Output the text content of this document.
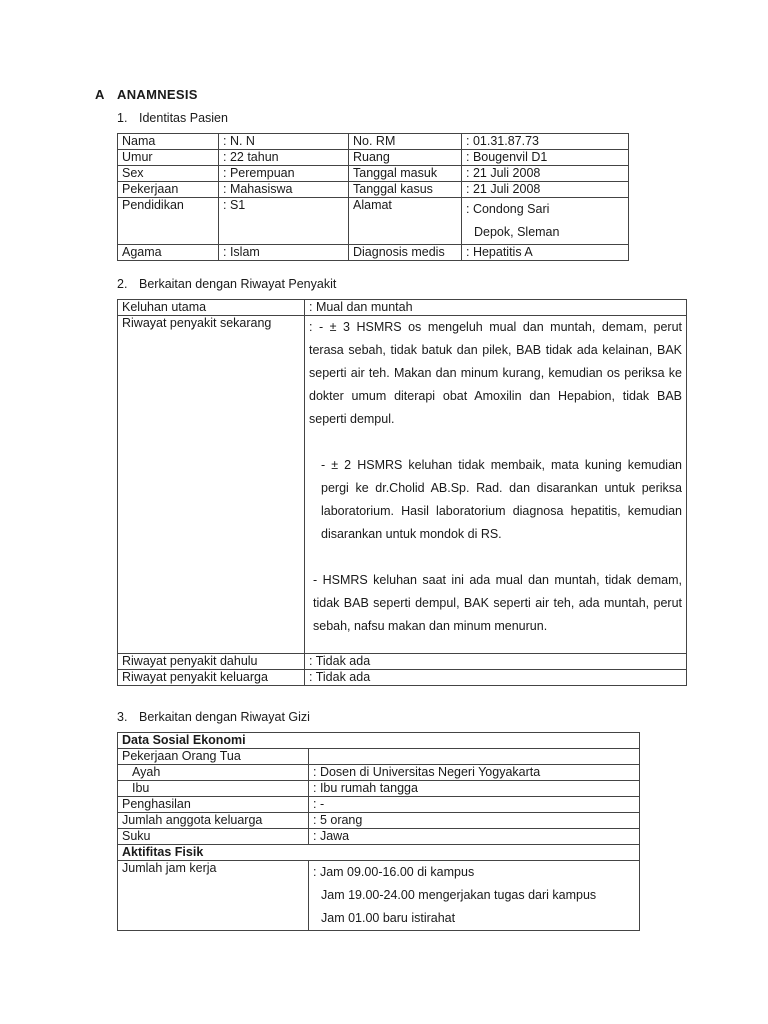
A ANAMNESIS
1. Identitas Pasien
Nama	: N. N	No. RM	: 01.31.87.73
Umur	: 22 tahun	Ruang	: Bougenvil D1
Sex	: Perempuan	Tanggal masuk	: 21 Juli 2008
Pekerjaan	: Mahasiswa	Tanggal kasus	: 21 Juli 2008
Pendidikan	: S1	Alamat	: Condong Sari
Depok, Sleman

Agama	: Islam	Diagnosis medis	: Hepatitis A
2. Berkaitan dengan Riwayat Penyakit
Keluhan utama	: Mual dan muntah
Riwayat penyakit sekarang	: - ± 3 HSMRS os mengeluh mual dan muntah, demam, perut terasa sebah, tidak batuk dan pilek, BAB tidak ada kelainan, BAK seperti air teh. Makan dan minum kurang, kemudian os periksa ke dokter umum diterapi obat Amoxilin dan Hepabion, tidak BAB seperti dempul.

- ± 2 HSMRS keluhan tidak membaik, mata kuning kemudian pergi ke dr.Cholid AB.Sp. Rad. dan disarankan untuk periksa laboratorium. Hasil laboratorium diagnosa hepatitis, kemudian disarankan untuk mondok di RS.

- HSMRS keluhan saat ini ada mual dan muntah, tidak demam, tidak BAB seperti dempul, BAK seperti air teh, ada muntah, perut sebah, nafsu makan dan minum menurun.

Riwayat penyakit dahulu	: Tidak ada
Riwayat penyakit keluarga	: Tidak ada
3. Berkaitan dengan Riwayat Gizi
Data Sosial Ekonomi	
Pekerjaan Orang Tua	
Ayah	: Dosen di Universitas Negeri Yogyakarta
Ibu	: Ibu rumah tangga
Penghasilan	: -
Jumlah anggota keluarga	: 5 orang
Suku	: Jawa
Aktifitas Fisik	
Jumlah jam kerja	: Jam 09.00-16.00 di kampus
Jam 19.00-24.00 mengerjakan tugas dari kampus
Jam 01.00 baru istirahat
